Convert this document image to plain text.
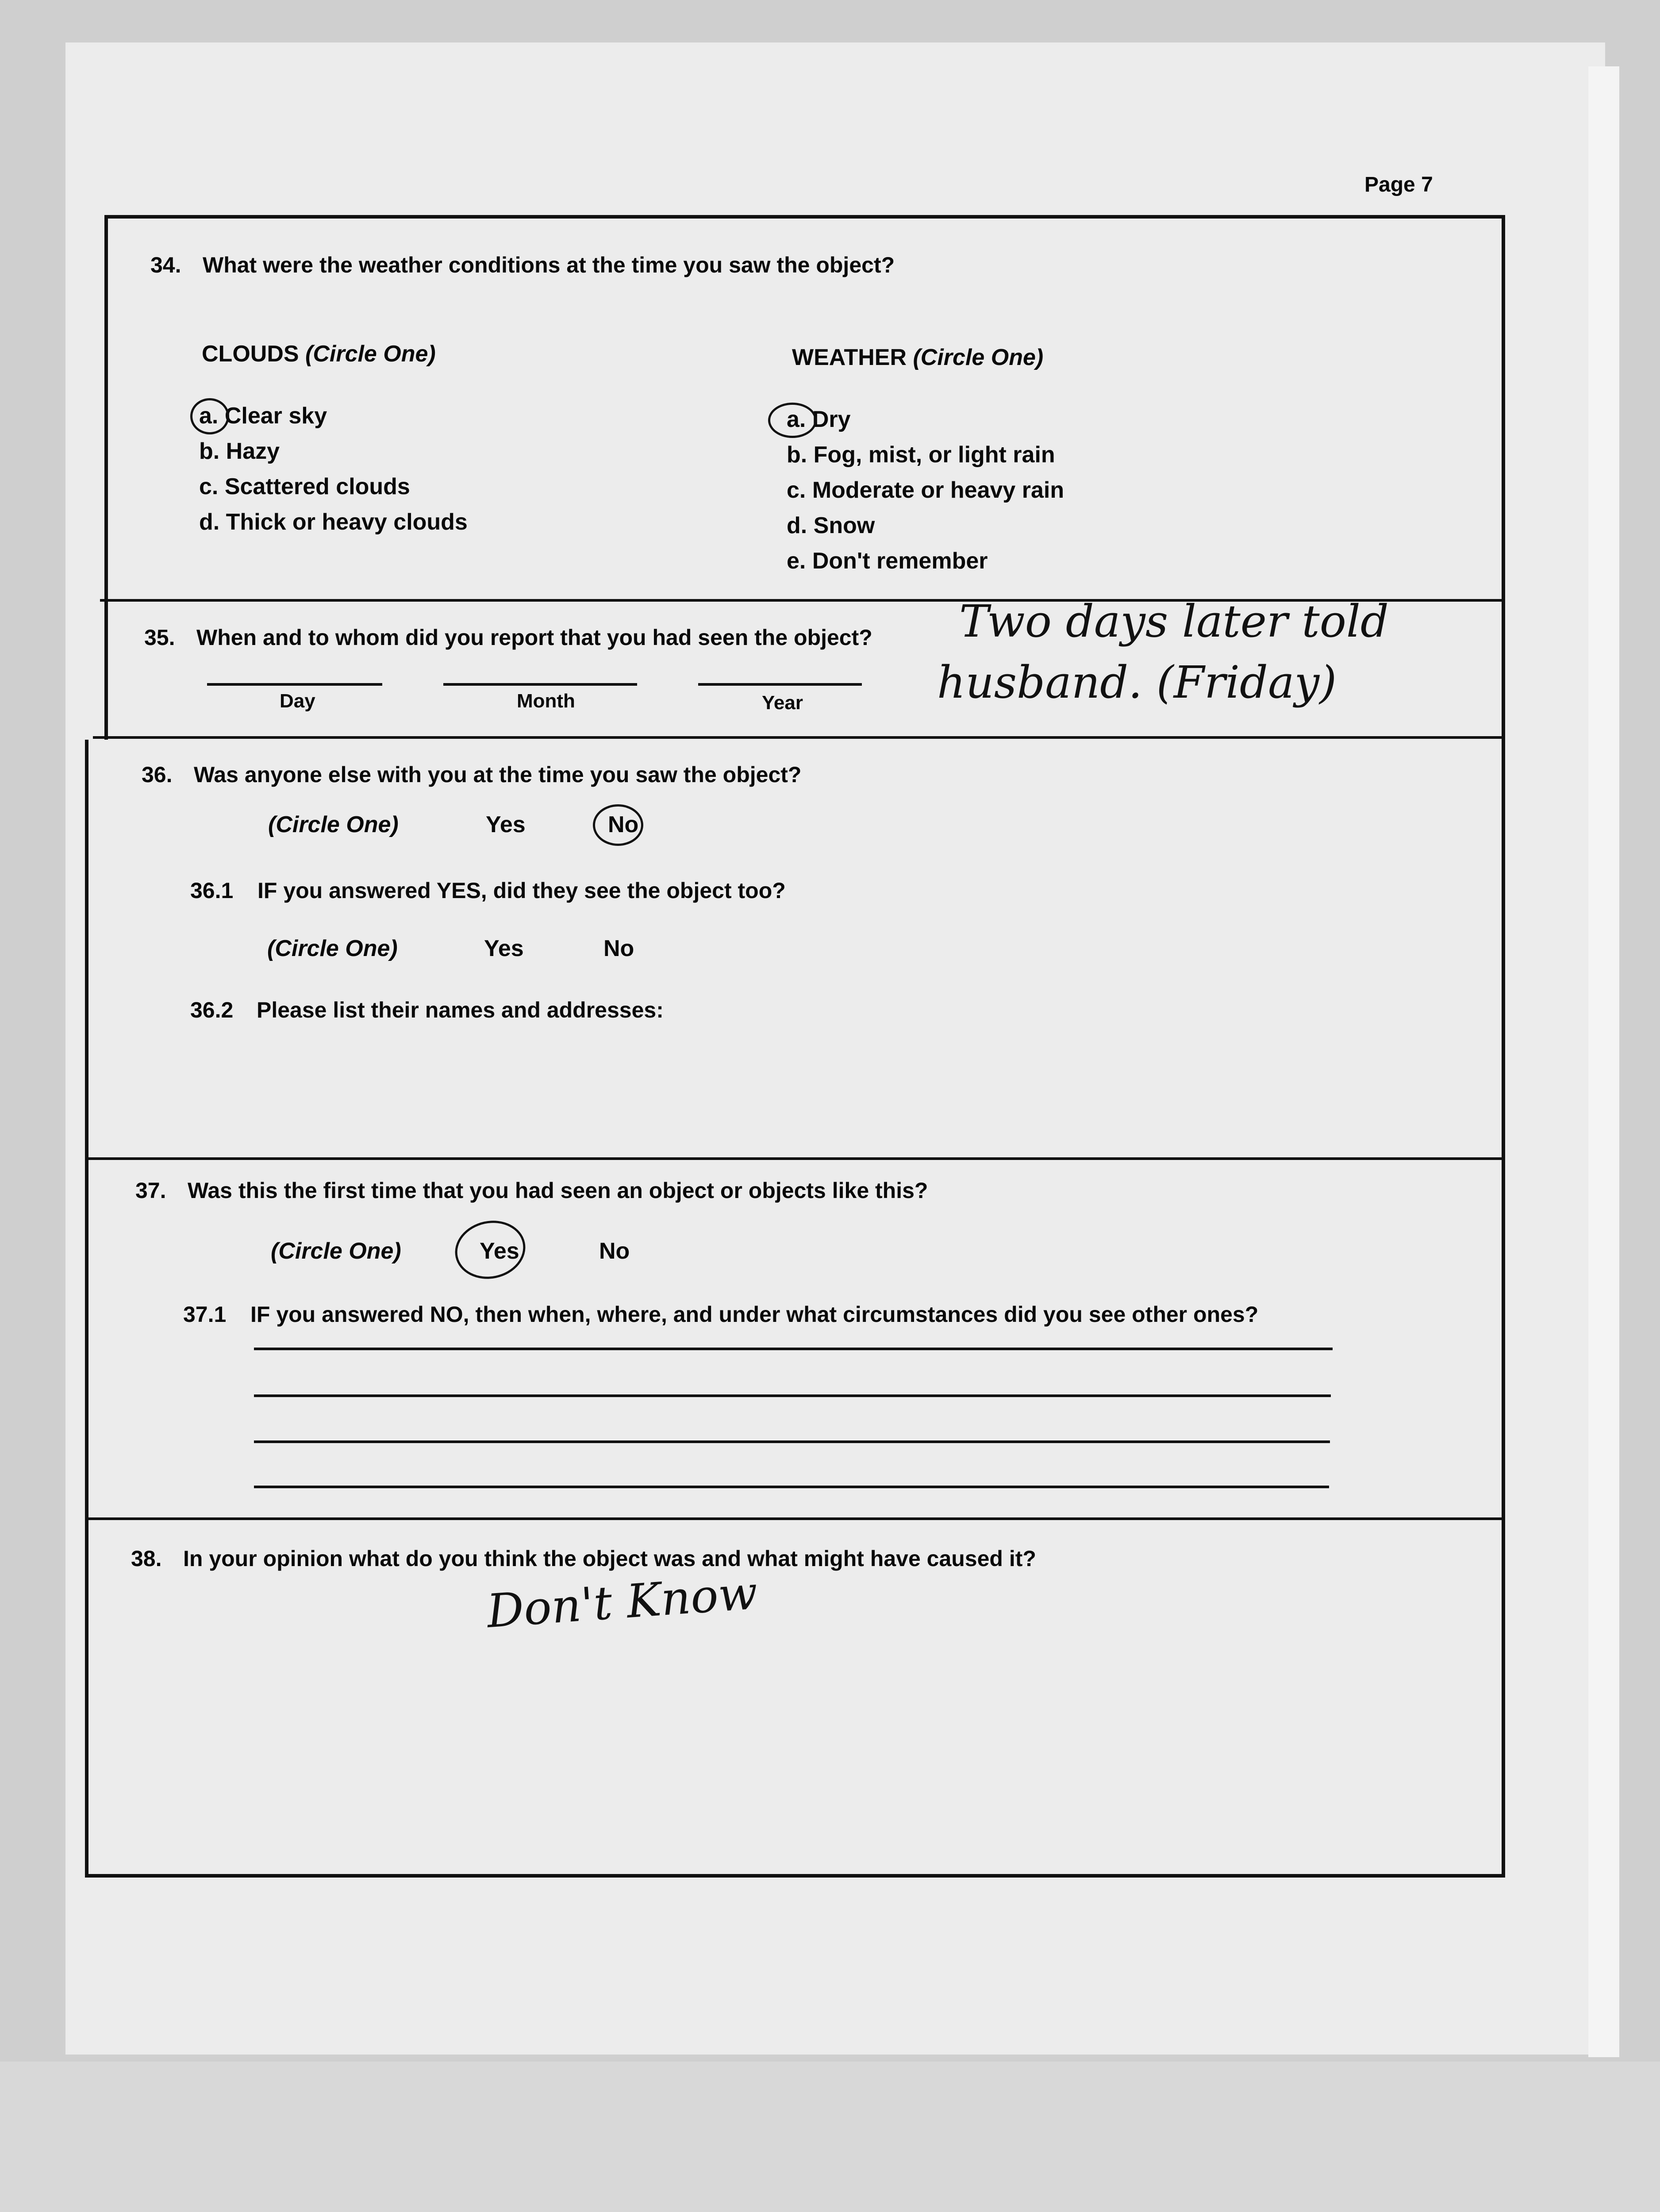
Page 7
34. What were the weather conditions at the time you saw the object?
CLOUDS (Circle One)	WEATHER (Circle One)
a. Clear sky
b. Hazy
c. Scattered clouds
d. Thick or heavy clouds
a. Dry
b. Fog, mist, or light rain
c. Moderate or heavy rain
d. Snow
e. Don't remember
35. When and to whom did you report that you had seen the object?
Day	Month	Year
Two days later told
husband. (Friday)
36. Was anyone else with you at the time you saw the object?
(Circle One)	Yes	No
36.1 IF you answered YES, did they see the object too?
(Circle One)	Yes	No
36.2 Please list their names and addresses:
37. Was this the first time that you had seen an object or objects like this?
(Circle One)	Yes	No
37.1 IF you answered NO, then when, where, and under what circumstances did you see other ones?
38. In your opinion what do you think the object was and what might have caused it?
Don't Know
